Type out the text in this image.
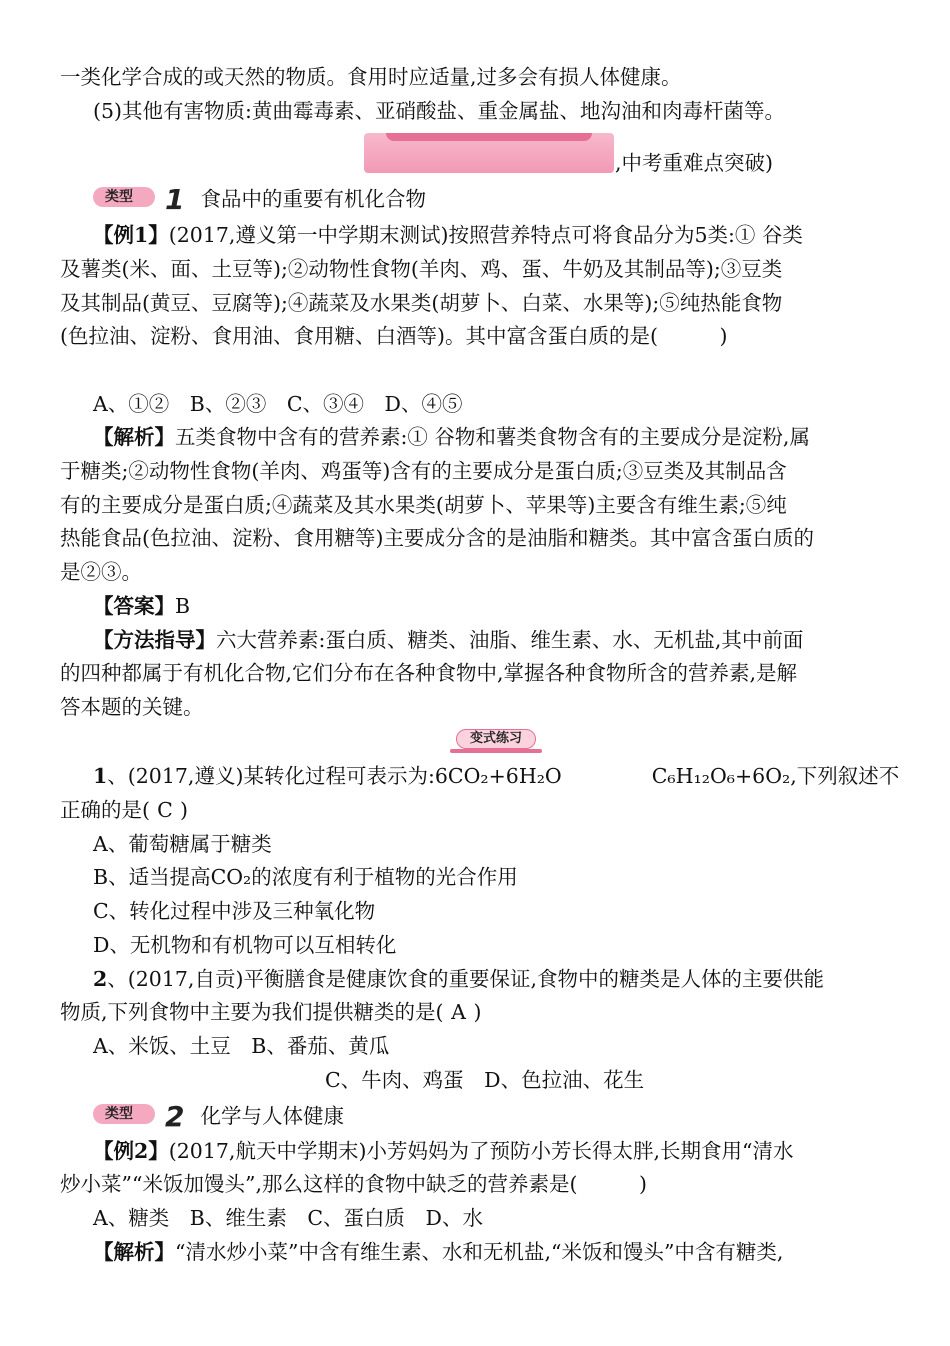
一类化学合成的或天然的物质。食用时应适量,过多会有损人体健康。
(5)其他有害物质:黄曲霉毒素、亚硝酸盐、重金属盐、地沟油和肉毒杆菌等。
,中考重难点突破)
类型	1 食品中的重要有机化合物
【例1】(2017,遵义第一中学期末测试)按照营养特点可将食品分为5类:① 谷类
及薯类(米、面、土豆等);②动物性食物(羊肉、鸡、蛋、牛奶及其制品等);③豆类
及其制品(黄豆、豆腐等);④蔬菜及水果类(胡萝卜、白菜、水果等);⑤纯热能食物
(色拉油、淀粉、食用油、食用糖、白酒等)。其中富含蛋白质的是(　　　)
A、①②　B、②③　C、③④　D、④⑤
【解析】五类食物中含有的营养素:① 谷物和薯类食物含有的主要成分是淀粉,属
于糖类;②动物性食物(羊肉、鸡蛋等)含有的主要成分是蛋白质;③豆类及其制品含
有的主要成分是蛋白质;④蔬菜及其水果类(胡萝卜、苹果等)主要含有维生素;⑤纯
热能食品(色拉油、淀粉、食用糖等)主要成分含的是油脂和糖类。其中富含蛋白质的
是②③。
【答案】B
【方法指导】六大营养素:蛋白质、糖类、油脂、维生素、水、无机盐,其中前面
的四种都属于有机化合物,它们分布在各种食物中,掌握各种食物所含的营养素,是解
答本题的关键。
变式练习
1、(2017,遵义)某转化过程可表示为:6CO₂+6H₂O	C₆H₁₂O₆+6O₂,下列叙述不
正确的是( C )
A、葡萄糖属于糖类
B、适当提高CO₂的浓度有利于植物的光合作用
C、转化过程中涉及三种氧化物
D、无机物和有机物可以互相转化
2、(2017,自贡)平衡膳食是健康饮食的重要保证,食物中的糖类是人体的主要供能
物质,下列食物中主要为我们提供糖类的是( A )
A、米饭、土豆　B、番茄、黄瓜
C、牛肉、鸡蛋　D、色拉油、花生
类型	2 化学与人体健康
【例2】(2017,航天中学期末)小芳妈妈为了预防小芳长得太胖,长期食用“清水
炒小菜”“米饭加馒头”,那么这样的食物中缺乏的营养素是(　　　)
A、糖类　B、维生素　C、蛋白质　D、水
【解析】“清水炒小菜”中含有维生素、水和无机盐,“米饭和馒头”中含有糖类,
